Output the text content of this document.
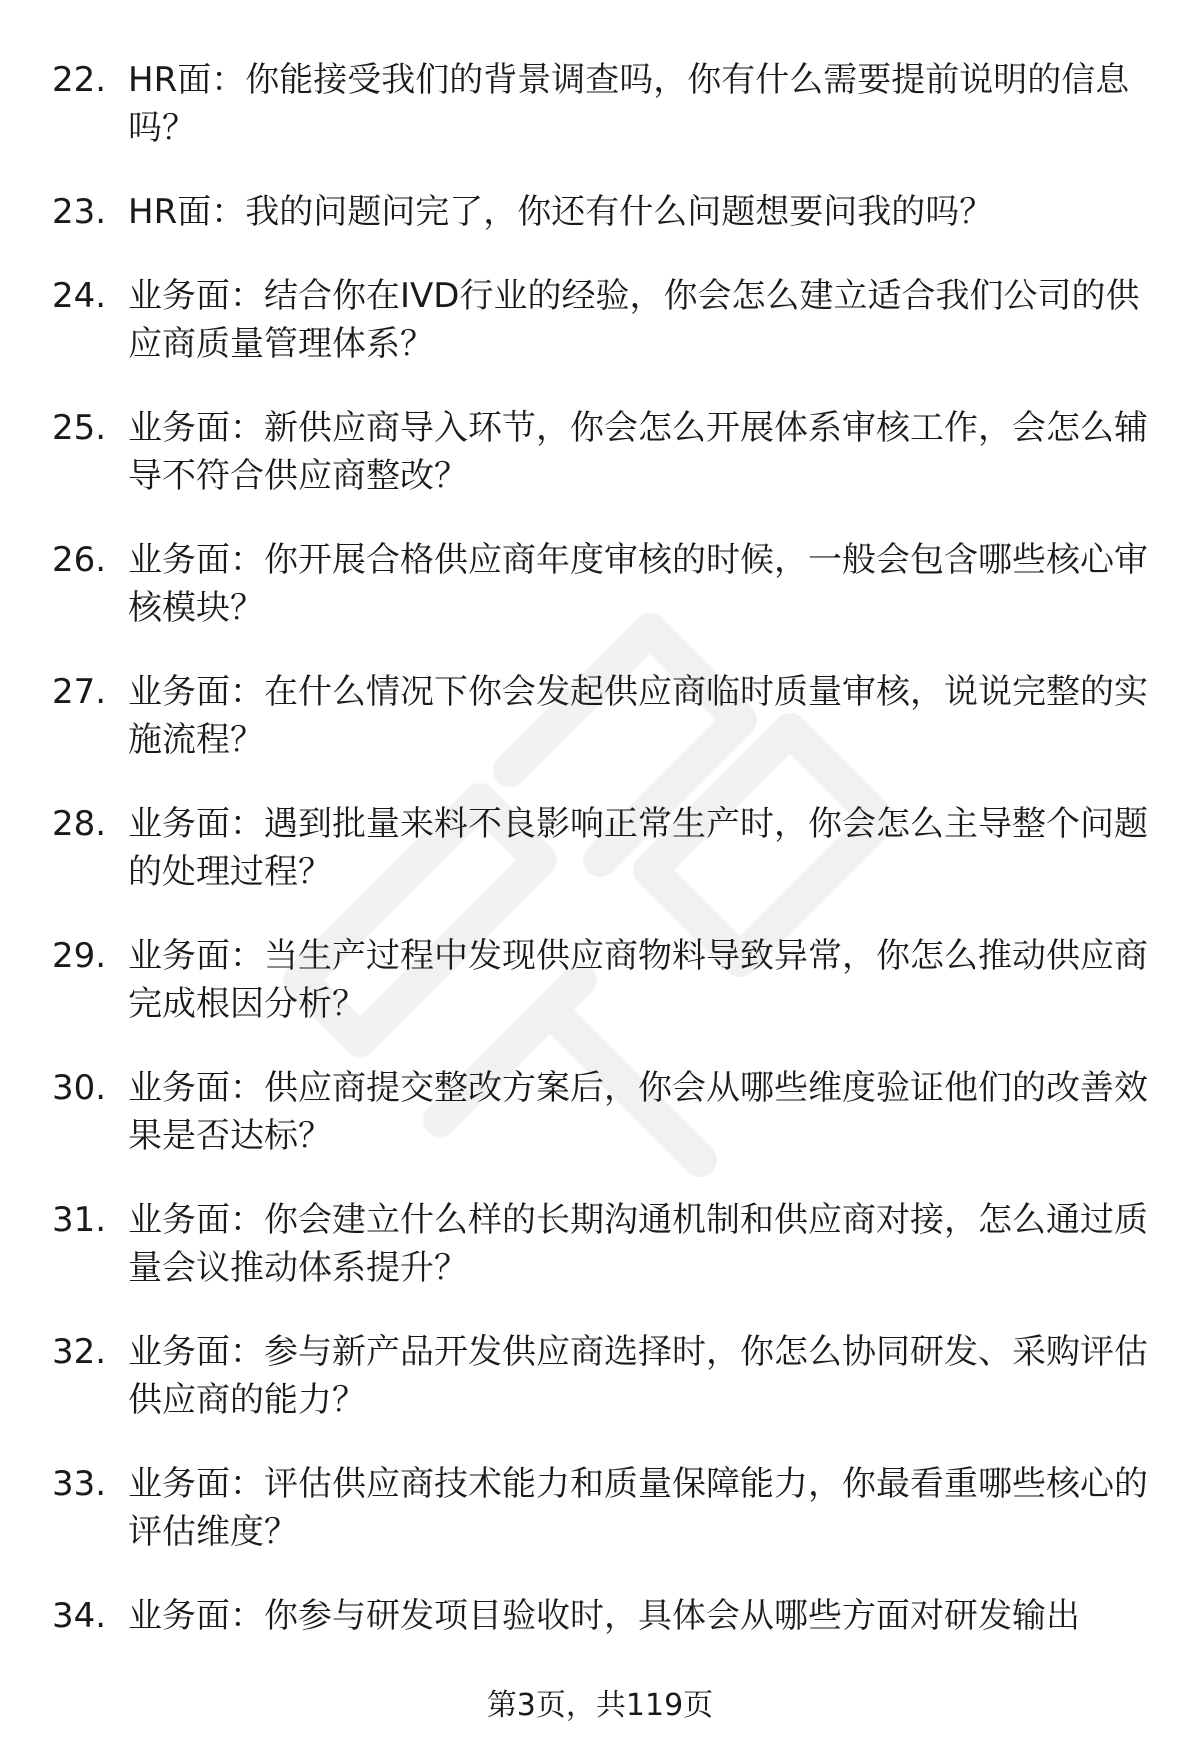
22. HR面：你能接受我们的背景调查吗，你有什么需要提前说明的信息吗？
23. HR面：我的问题问完了，你还有什么问题想要问我的吗？
24. 业务面：结合你在IVD行业的经验，你会怎么建立适合我们公司的供应商质量管理体系？
25. 业务面：新供应商导入环节，你会怎么开展体系审核工作，会怎么辅导不符合供应商整改？
26. 业务面：你开展合格供应商年度审核的时候，一般会包含哪些核心审核模块？
27. 业务面：在什么情况下你会发起供应商临时质量审核，说说完整的实施流程？
28. 业务面：遇到批量来料不良影响正常生产时，你会怎么主导整个问题的处理过程？
29. 业务面：当生产过程中发现供应商物料导致异常，你怎么推动供应商完成根因分析？
30. 业务面：供应商提交整改方案后，你会从哪些维度验证他们的改善效果是否达标？
31. 业务面：你会建立什么样的长期沟通机制和供应商对接，怎么通过质量会议推动体系提升？
32. 业务面：参与新产品开发供应商选择时，你怎么协同研发、采购评估供应商的能力？
33. 业务面：评估供应商技术能力和质量保障能力，你最看重哪些核心的评估维度？
34. 业务面：你参与研发项目验收时，具体会从哪些方面对研发输出
第3页，共119页
